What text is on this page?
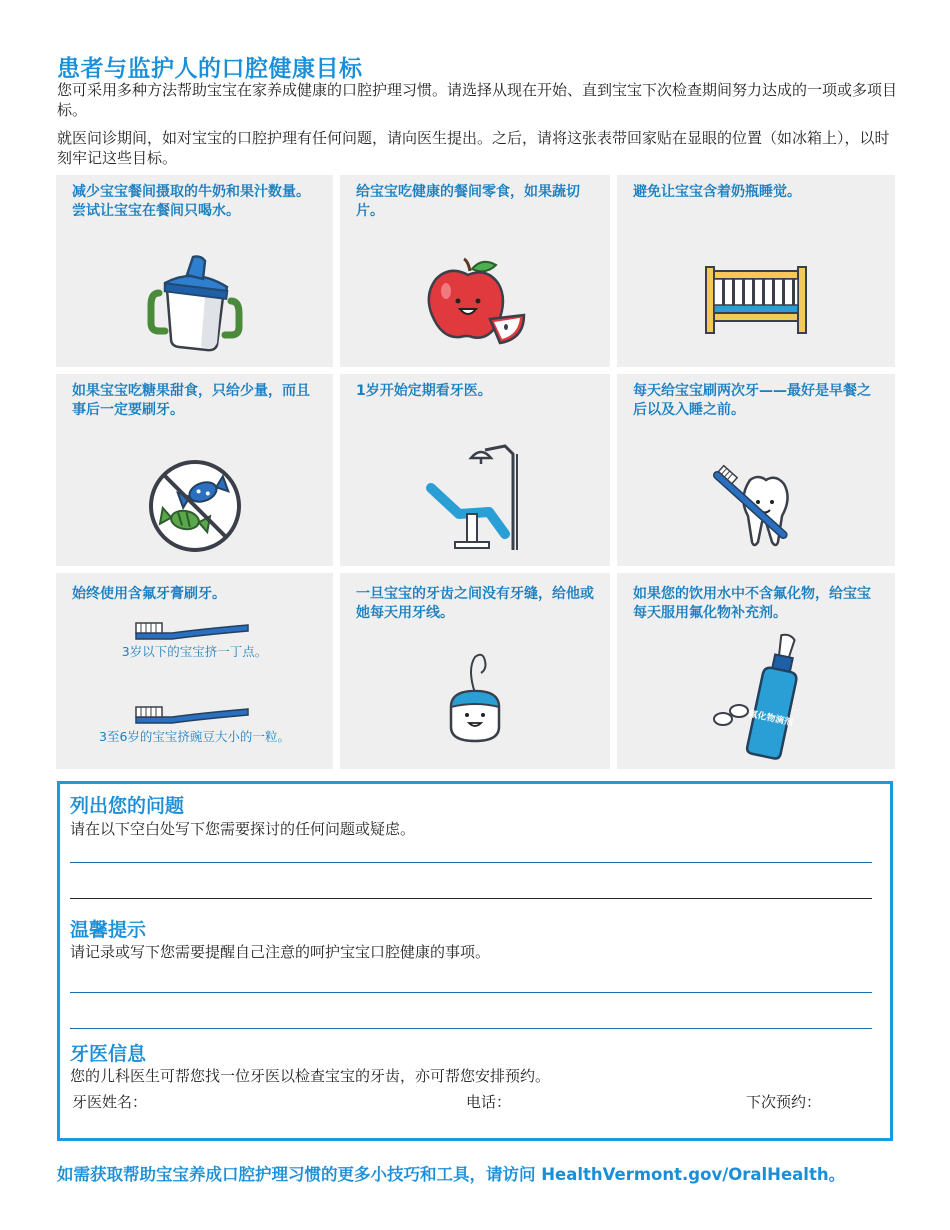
患者与监护人的口腔健康目标
您可采用多种方法帮助宝宝在家养成健康的口腔护理习惯。请选择从现在开始、直到宝宝下次检查期间努力达成的一项或多项目标。
就医问诊期间，如对宝宝的口腔护理有任何问题，请向医生提出。之后，请将这张表带回家贴在显眼的位置（如冰箱上），以时刻牢记这些目标。
减少宝宝餐间摄取的牛奶和果汁数量。尝试让宝宝在餐间只喝水。
给宝宝吃健康的餐间零食，如果蔬切片。
避免让宝宝含着奶瓶睡觉。
如果宝宝吃糖果甜食，只给少量，而且事后一定要刷牙。
1岁开始定期看牙医。	每天给宝宝刷两次牙——最好是早餐之后以及入睡之前。
始终使用含氟牙膏刷牙。
3岁以下的宝宝挤一丁点。
3至6岁的宝宝挤豌豆大小的一粒。
一旦宝宝的牙齿之间没有牙缝，给他或她每天用牙线。
如果您的饮用水中不含氟化物，给宝宝每天服用氟化物补充剂。
氟化物滴剂
列出您的问题
请在以下空白处写下您需要探讨的任何问题或疑虑。
温馨提示
请记录或写下您需要提醒自己注意的呵护宝宝口腔健康的事项。
牙医信息
您的儿科医生可帮您找一位牙医以检查宝宝的牙齿，亦可帮您安排预约。
牙医姓名：	电话：	下次预约：
如需获取帮助宝宝养成口腔护理习惯的更多小技巧和工具，请访问 HealthVermont.gov/OralHealth。
